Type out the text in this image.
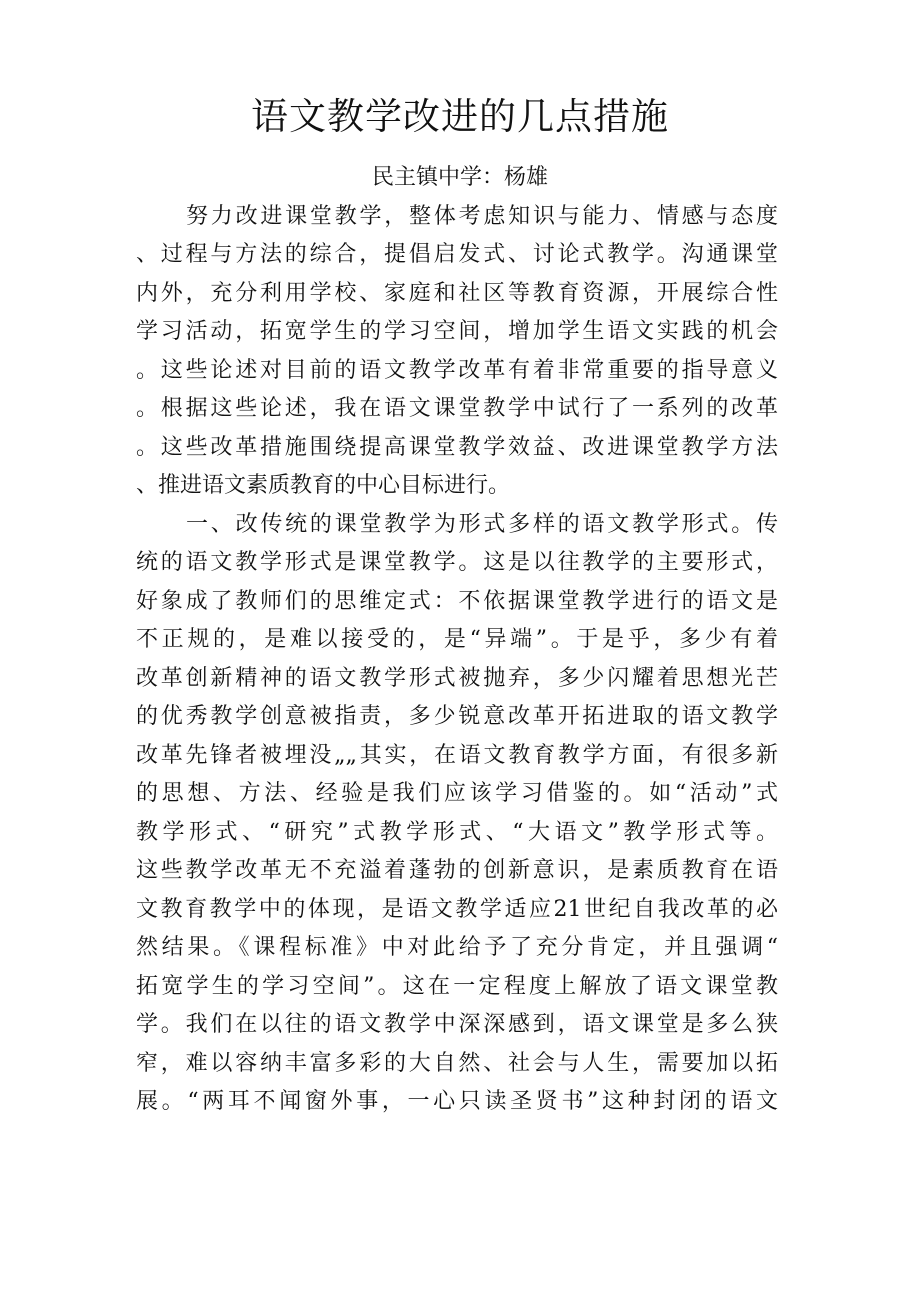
语文教学改进的几点措施

民主镇中学：杨雄

努力改进课堂教学，整体考虑知识与能力、情感与态度

、过程与方法的综合，提倡启发式、讨论式教学。沟通课堂

内外，充分利用学校、家庭和社区等教育资源，开展综合性

学习活动，拓宽学生的学习空间，增加学生语文实践的机会

。这些论述对目前的语文教学改革有着非常重要的指导意义

。根据这些论述，我在语文课堂教学中试行了一系列的改革

。这些改革措施围绕提高课堂教学效益、改进课堂教学方法

、推进语文素质教育的中心目标进行。

一、改传统的课堂教学为形式多样的语文教学形式。传

统的语文教学形式是课堂教学。这是以往教学的主要形式，

好象成了教师们的思维定式：不依据课堂教学进行的语文是

不正规的，是难以接受的，是“异端”。于是乎，多少有着

改革创新精神的语文教学形式被抛弃，多少闪耀着思想光芒

的优秀教学创意被指责，多少锐意改革开拓进取的语文教学

改革先锋者被埋没„„其实，在语文教育教学方面，有很多新

的思想、方法、经验是我们应该学习借鉴的。如“活动”式

教学形式、“研究”式教学形式、“大语文”教学形式等。

这些教学改革无不充溢着蓬勃的创新意识，是素质教育在语

文教育教学中的体现，是语文教学适应21世纪自我改革的必

然结果。《课程标准》中对此给予了充分肯定，并且强调“

拓宽学生的学习空间”。这在一定程度上解放了语文课堂教

学。我们在以往的语文教学中深深感到，语文课堂是多么狭

窄，难以容纳丰富多彩的大自然、社会与人生，需要加以拓

展。“两耳不闻窗外事，一心只读圣贤书”这种封闭的语文
